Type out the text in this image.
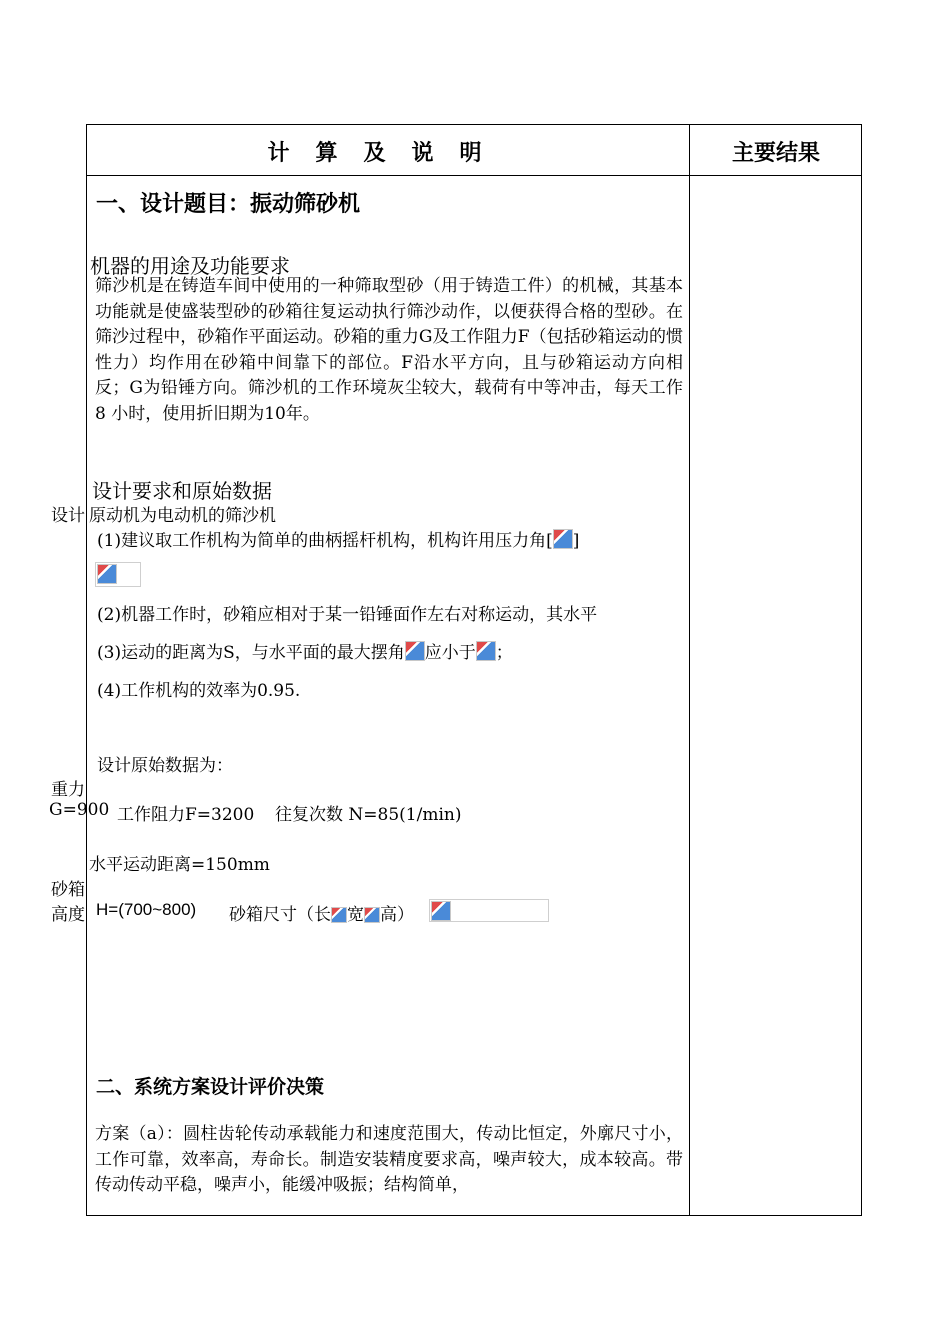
计算及说明	主要结果
一、设计题目：振动筛砂机
机器的用途及功能要求
筛沙机是在铸造车间中使用的一种筛取型砂（用于铸造工件）的机械，其基本功能就是使盛装型砂的砂箱往复运动执行筛沙动作，以便获得合格的型砂。在筛沙过程中，砂箱作平面运动。砂箱的重力G及工作阻力F（包括砂箱运动的惯性力）均作用在砂箱中间靠下的部位。F沿水平方向，且与砂箱运动方向相反；G为铅锤方向。筛沙机的工作环境灰尘较大，载荷有中等冲击，每天工作 8 小时，使用折旧期为10年。
设计要求和原始数据
设计 原动机为电动机的筛沙机
(1)建议取工作机构为简单的曲柄摇杆机构，机构许用压力角[ ]
(2)机器工作时，砂箱应相对于某一铅锤面作左右对称运动，其水平
(3)运动的距离为S，与水平面的最大摆角 应小于 ；
(4)工作机构的效率为0.95.
设计原始数据为：
重力
G=900 工作阻力F=3200 往复次数 N=85(1/min)
水平运动距离=150mm
砂箱
高度 H=(700~800) 砂箱尺寸（长 宽 高）
二、系统方案设计评价决策
方案（a）：圆柱齿轮传动承载能力和速度范围大，传动比恒定，外廓尺寸小，工作可靠，效率高，寿命长。制造安装精度要求高，噪声较大，成本较高。带传动传动平稳，噪声小，能缓冲吸振；结构简单，
